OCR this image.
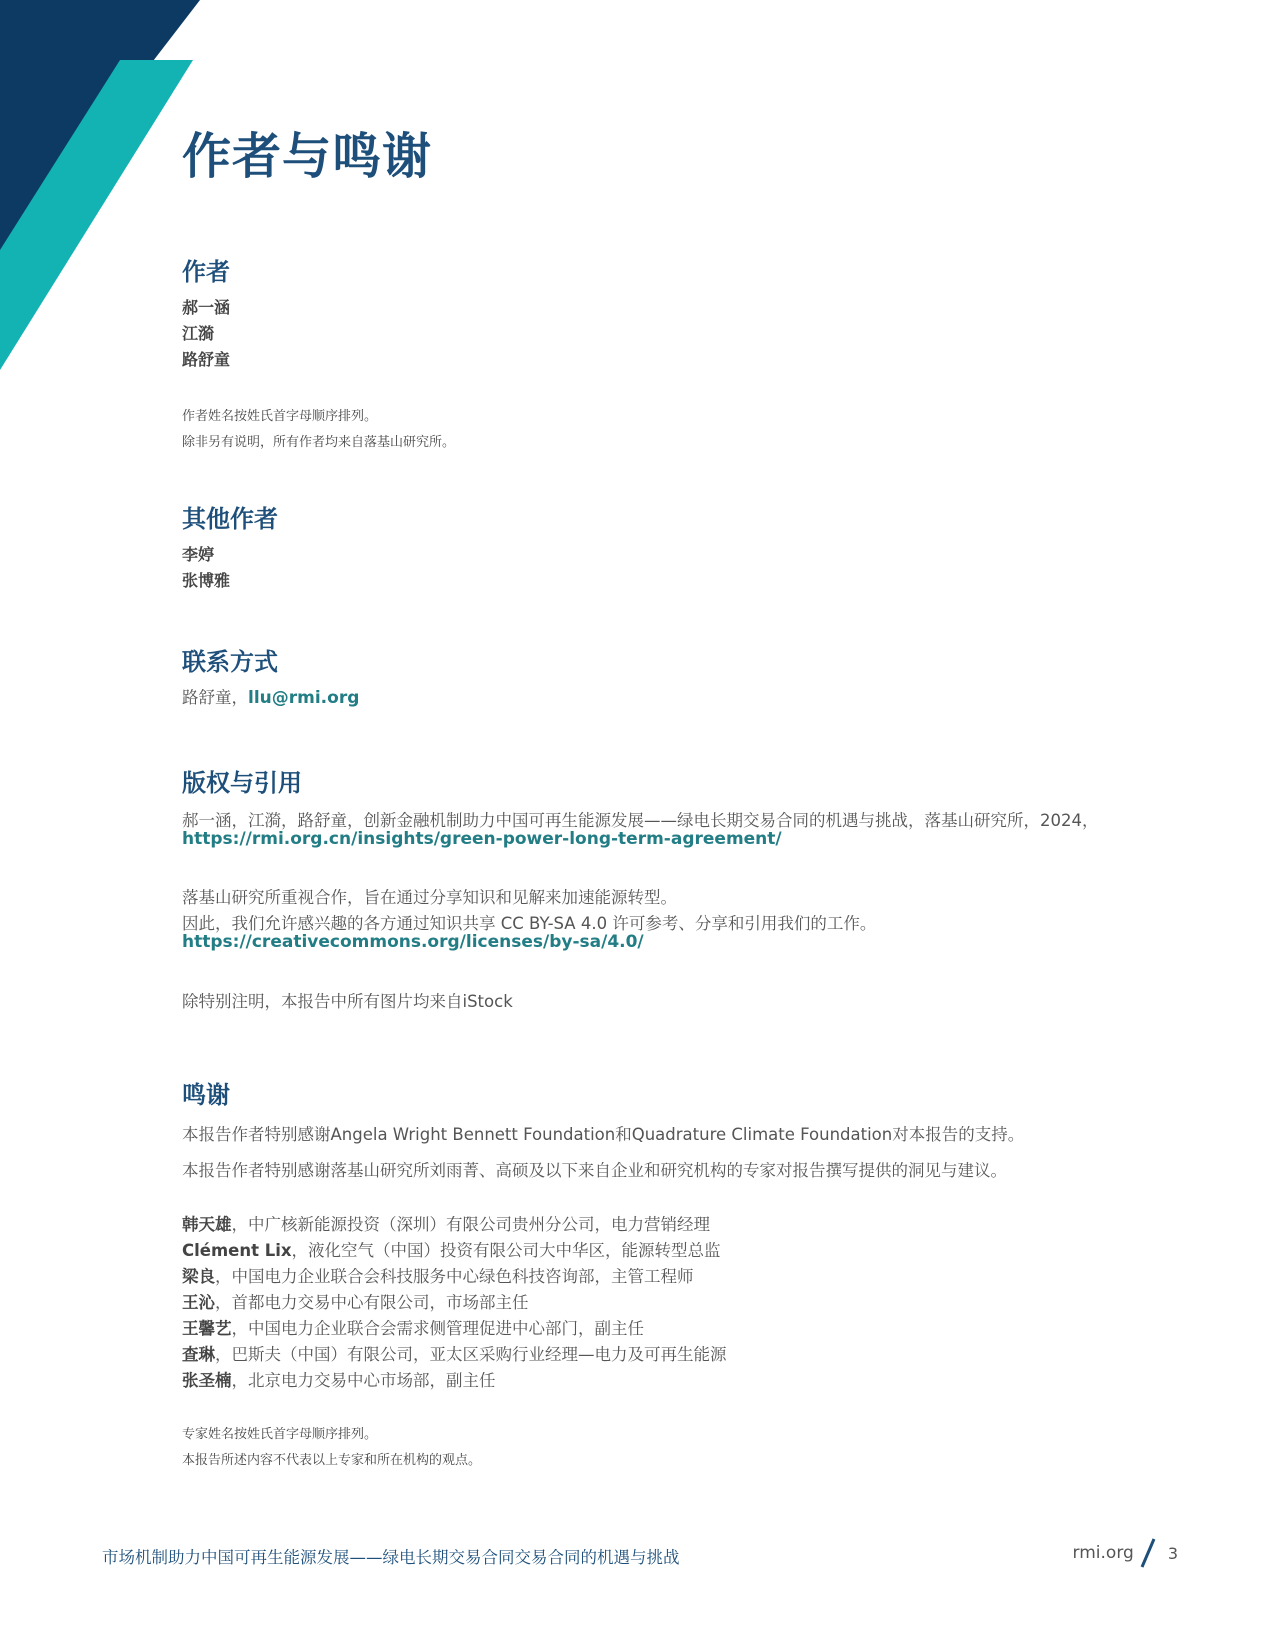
作者与鸣谢
作者
郝一涵
江漪
路舒童
作者姓名按姓氏首字母顺序排列。
除非另有说明，所有作者均来自落基山研究所。
其他作者
李婷
张博雅
联系方式
路舒童，llu@rmi.org
版权与引用
郝一涵，江漪，路舒童，创新金融机制助力中国可再生能源发展——绿电长期交易合同的机遇与挑战，落基山研究所，2024，
https://rmi.org.cn/insights/green-power-long-term-agreement/
落基山研究所重视合作，旨在通过分享知识和见解来加速能源转型。
因此，我们允许感兴趣的各方通过知识共享 CC BY-SA 4.0 许可参考、分享和引用我们的工作。
https://creativecommons.org/licenses/by-sa/4.0/
除特别注明，本报告中所有图片均来自iStock
鸣谢
本报告作者特别感谢Angela Wright Bennett Foundation和Quadrature Climate Foundation对本报告的支持。
本报告作者特别感谢落基山研究所刘雨菁、高硕及以下来自企业和研究机构的专家对报告撰写提供的洞见与建议。
韩天雄，中广核新能源投资（深圳）有限公司贵州分公司，电力营销经理
Clément Lix，液化空气（中国）投资有限公司大中华区，能源转型总监
梁良，中国电力企业联合会科技服务中心绿色科技咨询部，主管工程师
王沁，首都电力交易中心有限公司，市场部主任
王馨艺，中国电力企业联合会需求侧管理促进中心部门，副主任
查琳，巴斯夫（中国）有限公司，亚太区采购行业经理—电力及可再生能源
张圣楠，北京电力交易中心市场部，副主任
专家姓名按姓氏首字母顺序排列。
本报告所述内容不代表以上专家和所在机构的观点。
市场机制助力中国可再生能源发展——绿电长期交易合同交易合同的机遇与挑战	rmi.org 3
